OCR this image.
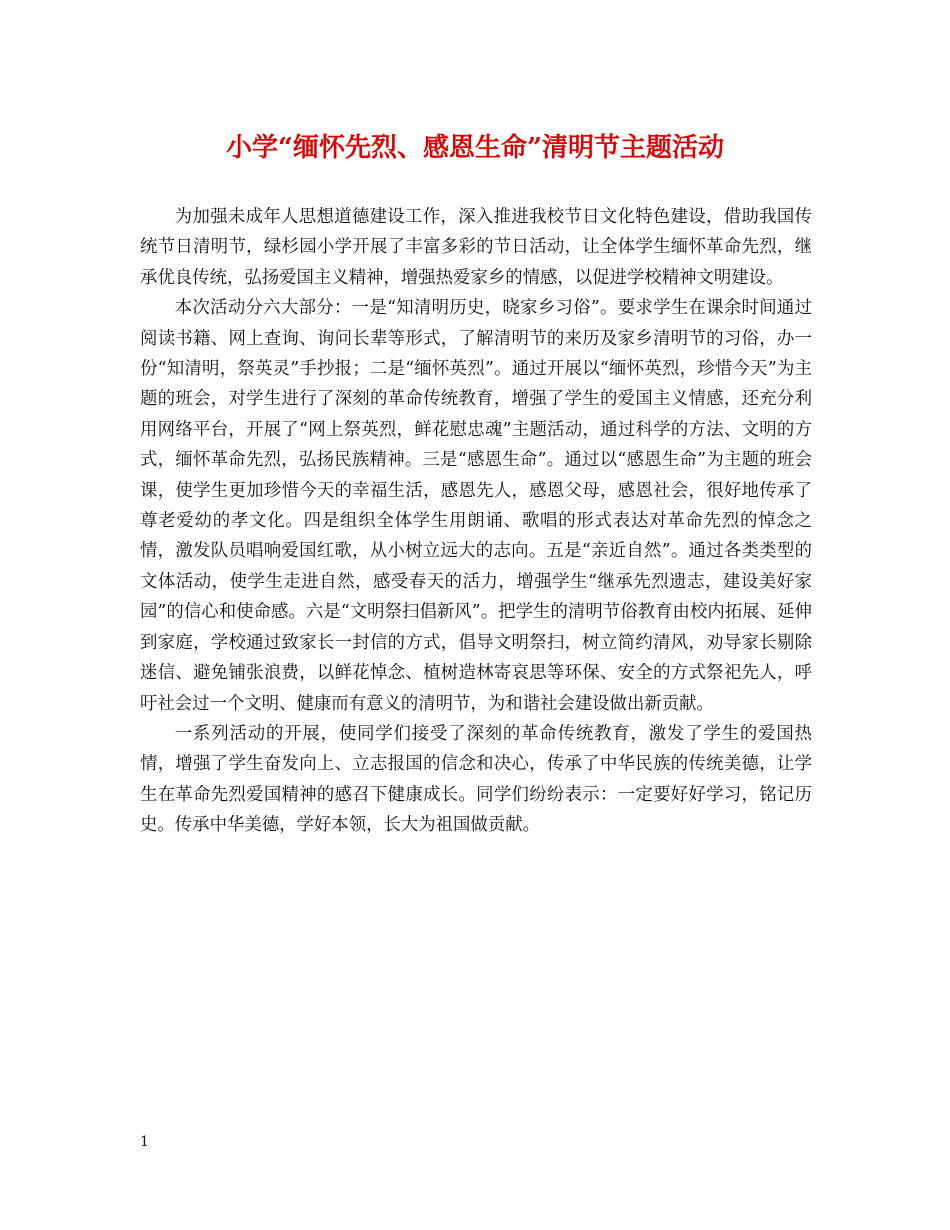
小学“缅怀先烈、感恩生命”清明节主题活动

为加强未成年人思想道德建设工作，深入推进我校节日文化特色建设，借助我国传统节日清明节，绿杉园小学开展了丰富多彩的节日活动，让全体学生缅怀革命先烈，继承优良传统，弘扬爱国主义精神，增强热爱家乡的情感，以促进学校精神文明建设。

本次活动分六大部分：一是“知清明历史，晓家乡习俗”。要求学生在课余时间通过阅读书籍、网上查询、询问长辈等形式，了解清明节的来历及家乡清明节的习俗，办一份“知清明，祭英灵”手抄报；二是“缅怀英烈”。通过开展以“缅怀英烈，珍惜今天”为主题的班会，对学生进行了深刻的革命传统教育，增强了学生的爱国主义情感，还充分利用网络平台，开展了“网上祭英烈，鲜花慰忠魂”主题活动，通过科学的方法、文明的方式，缅怀革命先烈，弘扬民族精神。三是“感恩生命”。通过以“感恩生命”为主题的班会课，使学生更加珍惜今天的幸福生活，感恩先人，感恩父母，感恩社会，很好地传承了尊老爱幼的孝文化。四是组织全体学生用朗诵、歌唱的形式表达对革命先烈的悼念之情，激发队员唱响爱国红歌，从小树立远大的志向。五是“亲近自然”。通过各类类型的文体活动，使学生走进自然，感受春天的活力，增强学生“继承先烈遗志，建设美好家园”的信心和使命感。六是“文明祭扫倡新风”。把学生的清明节俗教育由校内拓展、延伸到家庭，学校通过致家长一封信的方式，倡导文明祭扫，树立简约清风，劝导家长剔除迷信、避免铺张浪费，以鲜花悼念、植树造林寄哀思等环保、安全的方式祭祀先人，呼吁社会过一个文明、健康而有意义的清明节，为和谐社会建设做出新贡献。

一系列活动的开展，使同学们接受了深刻的革命传统教育，激发了学生的爱国热情，增强了学生奋发向上、立志报国的信念和决心，传承了中华民族的传统美德，让学生在革命先烈爱国精神的感召下健康成长。同学们纷纷表示：一定要好好学习，铭记历史。传承中华美德，学好本领，长大为祖国做贡献。

1
